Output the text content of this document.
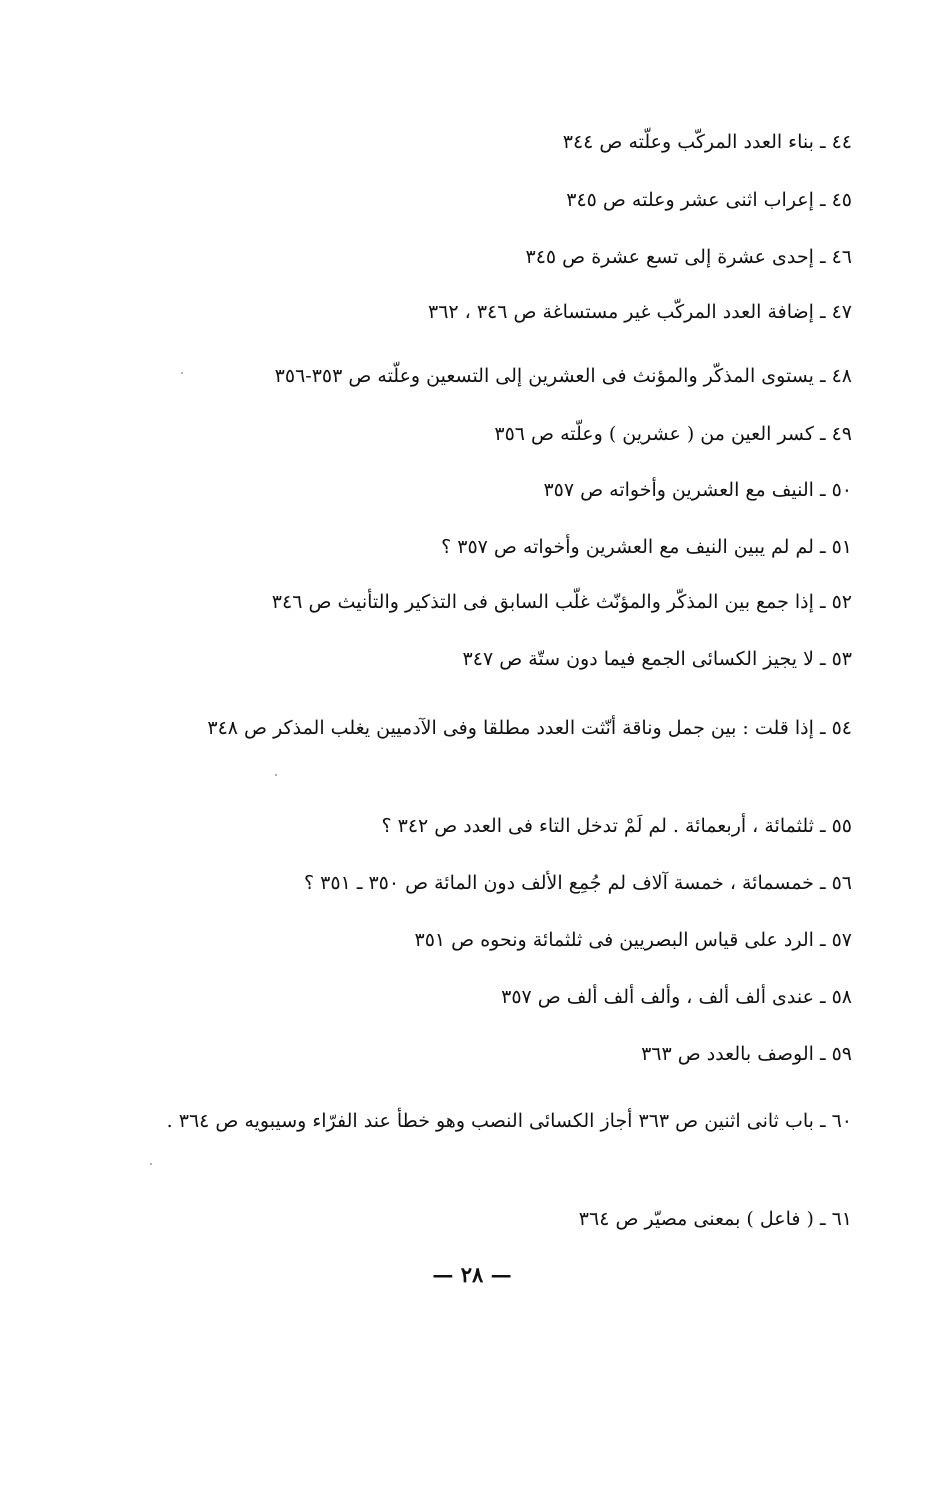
٤٤ ـ بناء العدد المركّب وعلّته ص ٣٤٤
٤٥ ـ إعراب اثنى عشر وعلته ص ٣٤٥
٤٦ ـ إحدى عشرة إلى تسع عشرة ص ٣٤٥
٤٧ ـ إضافة العدد المركّب غير مستساغة ص ٣٤٦ ، ٣٦٢
٤٨ ـ يستوى المذكّر والمؤنث فى العشرين إلى التسعين وعلّته ص ٣٥٣-٣٥٦
٤٩ ـ كسر العين من ( عشرين ) وعلّته ص ٣٥٦
٥٠ ـ النيف مع العشرين وأخواته ص ٣٥٧
٥١ ـ لم لم يبين النيف مع العشرين وأخواته ص ٣٥٧ ؟
٥٢ ـ إذا جمع بين المذكّر والمؤنّث غلّب السابق فى التذكير والتأنيث ص ٣٤٦
٥٣ ـ لا يجيز الكسائى الجمع فيما دون ستّة ص ٣٤٧
٥٤ ـ إذا قلت : بين جمل وناقة أنّثت العدد مطلقا وفى الآدميين يغلب المذكر ص ٣٤٨
٥٥ ـ ثلثمائة ، أربعمائة . لم لَمْ تدخل التاء فى العدد ص ٣٤٢ ؟
٥٦ ـ خمسمائة ، خمسة آلاف لم جُمِع الألف دون المائة ص ٣٥٠ ـ ٣٥١ ؟
٥٧ ـ الرد على قياس البصريين فى ثلثمائة ونحوه ص ٣٥١
٥٨ ـ عندى ألف ألف ، وألف ألف ألف ص ٣٥٧
٥٩ ـ الوصف بالعدد ص ٣٦٣
٦٠ ـ باب ثانى اثنين ص ٣٦٣ أجاز الكسائى النصب وهو خطأ عند الفرّاء وسيبويه ص ٣٦٤ .
٦١ ـ ( فاعل ) بمعنى مصيّر ص ٣٦٤
— ٢٨ —
